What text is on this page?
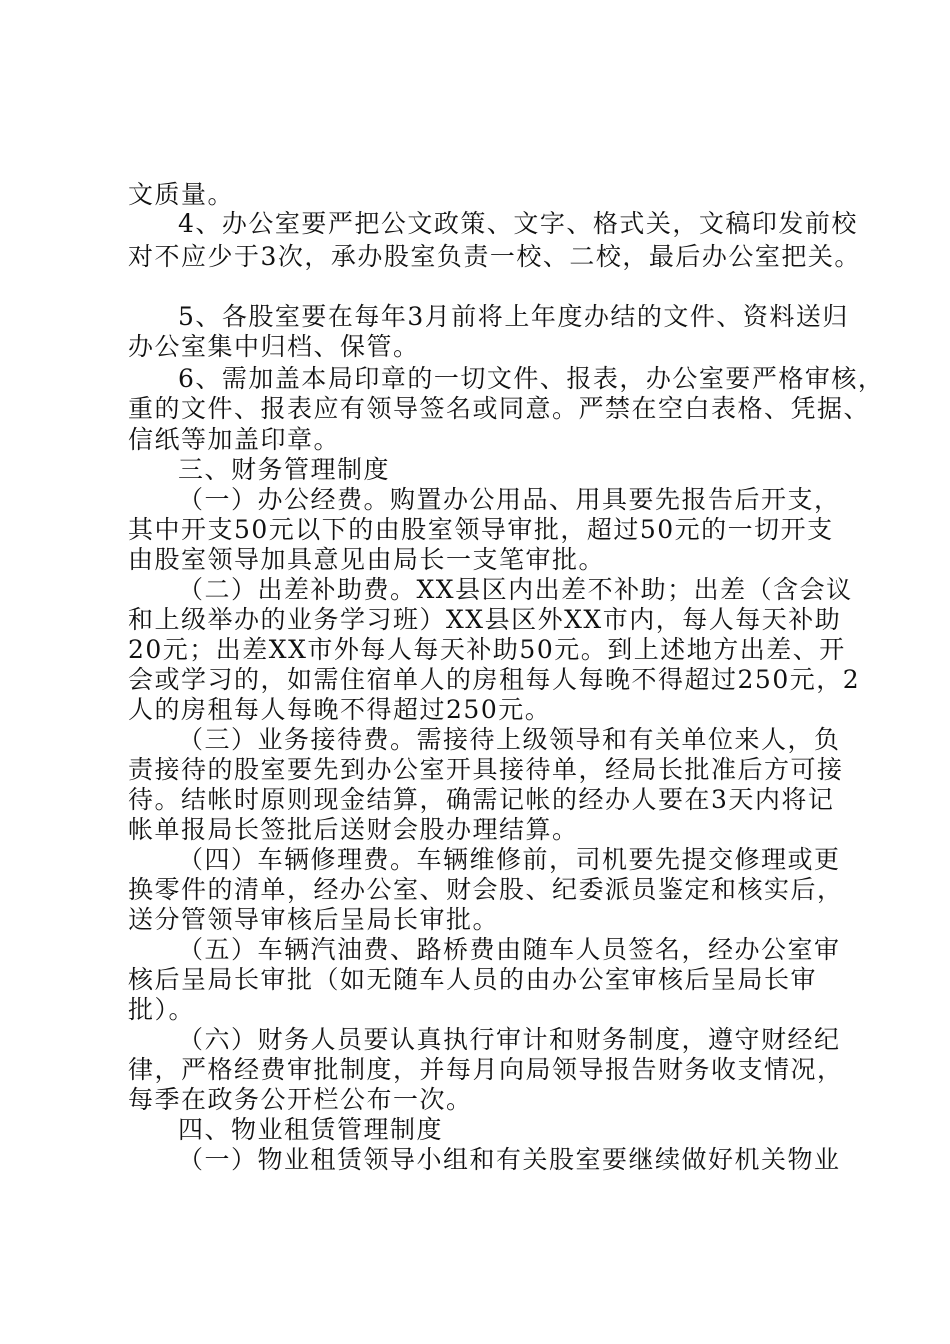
文质量。
4、办公室要严把公文政策、文字、格式关，文稿印发前校
对不应少于3次，承办股室负责一校、二校，最后办公室把关。
5、各股室要在每年3月前将上年度办结的文件、资料送归
办公室集中归档、保管。
6、需加盖本局印章的一切文件、报表，办公室要严格审核，
重的文件、报表应有领导签名或同意。严禁在空白表格、凭据、
信纸等加盖印章。
三、财务管理制度
（一）办公经费。购置办公用品、用具要先报告后开支，
其中开支50元以下的由股室领导审批，超过50元的一切开支
由股室领导加具意见由局长一支笔审批。
（二）出差补助费。XX县区内出差不补助；出差（含会议
和上级举办的业务学习班）XX县区外XX市内，每人每天补助
20元；出差XX市外每人每天补助50元。到上述地方出差、开
会或学习的，如需住宿单人的房租每人每晚不得超过250元，2
人的房租每人每晚不得超过250元。
（三）业务接待费。需接待上级领导和有关单位来人，负
责接待的股室要先到办公室开具接待单，经局长批准后方可接
待。结帐时原则现金结算，确需记帐的经办人要在3天内将记
帐单报局长签批后送财会股办理结算。
（四）车辆修理费。车辆维修前，司机要先提交修理或更
换零件的清单，经办公室、财会股、纪委派员鉴定和核实后，
送分管领导审核后呈局长审批。
（五）车辆汽油费、路桥费由随车人员签名，经办公室审
核后呈局长审批（如无随车人员的由办公室审核后呈局长审
批）。
（六）财务人员要认真执行审计和财务制度，遵守财经纪
律，严格经费审批制度，并每月向局领导报告财务收支情况，
每季在政务公开栏公布一次。
四、物业租赁管理制度
（一）物业租赁领导小组和有关股室要继续做好机关物业
